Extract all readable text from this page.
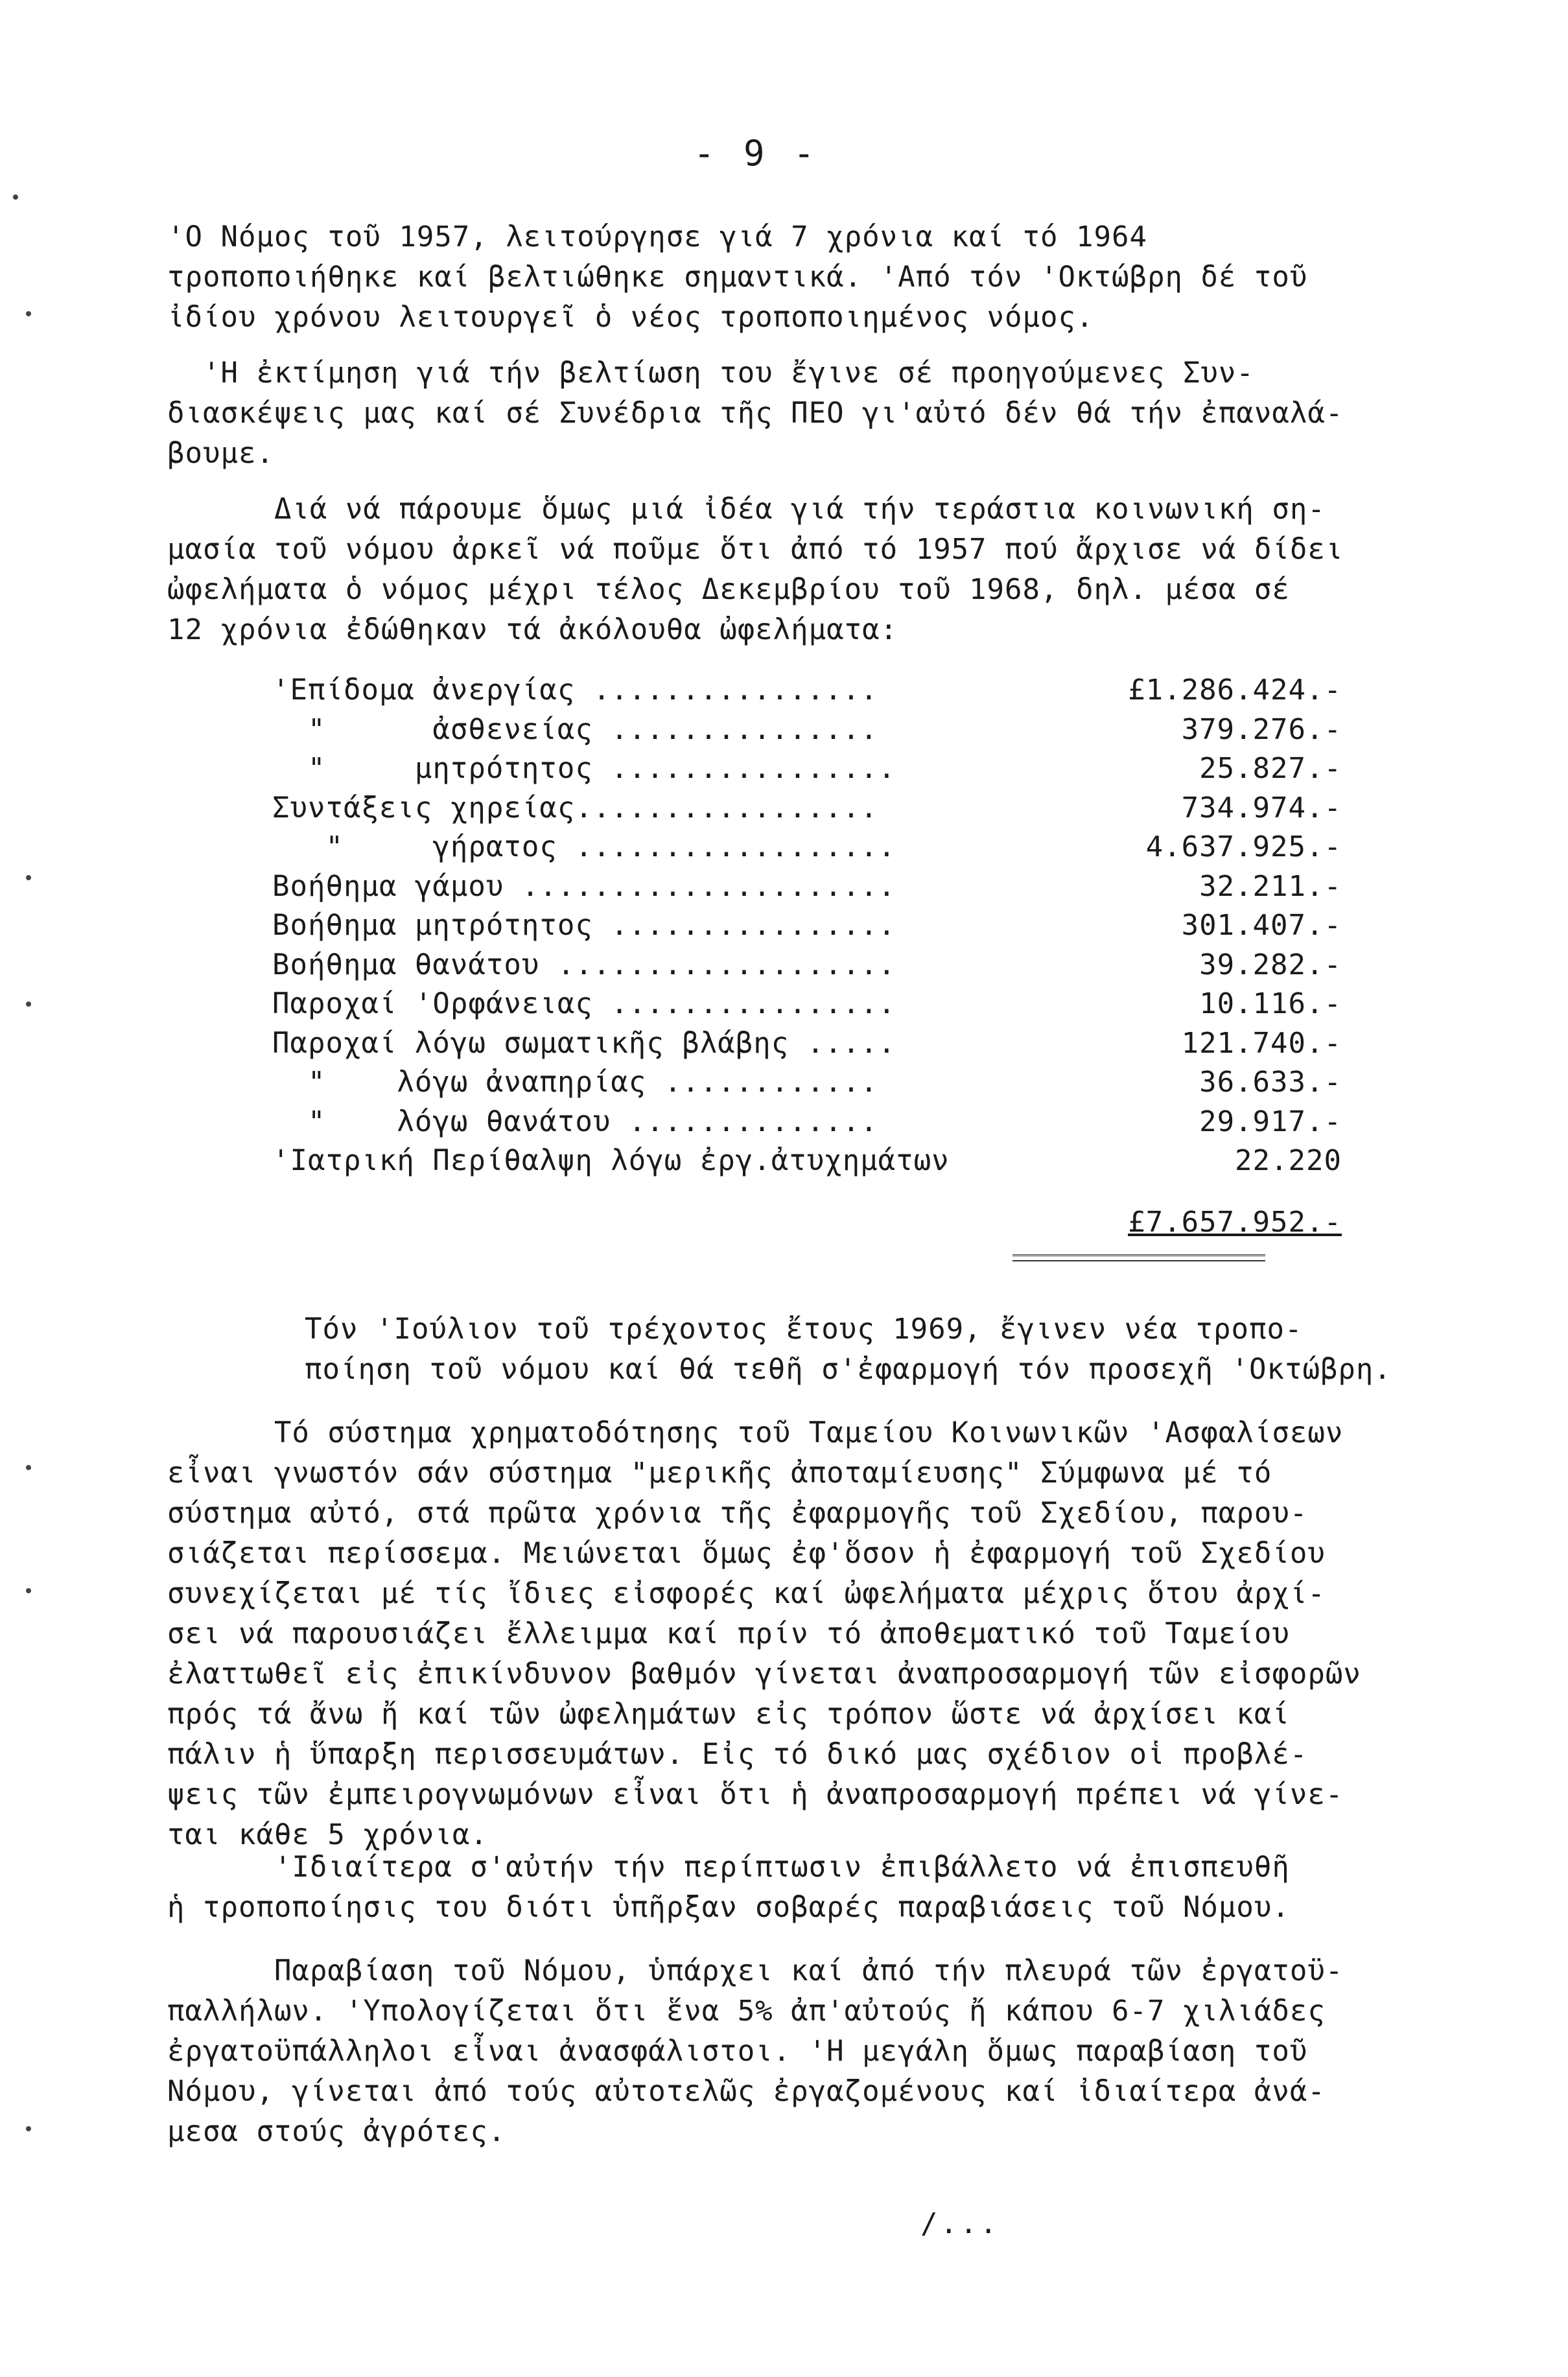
- 9 -
'Ο Νόμος τοῦ 1957, λειτούργησε γιά 7 χρόνια καί τό 1964
τροποποιήθηκε καί βελτιώθηκε σημαντικά. 'Από τόν 'Οκτώβρη δέ τοῦ
ἰδίου χρόνου λειτουργεῖ ὁ νέος τροποποιημένος νόμος.
'Η ἐκτίμηση γιά τήν βελτίωση του ἔγινε σέ προηγούμενες Συν-
διασκέψεις μας καί σέ Συνέδρια τῆς ΠΕΟ γι'αὐτό δέν θά τήν ἐπαναλά-
βουμε.
Διά νά πάρουμε ὅμως μιά ἰδέα γιά τήν τεράστια κοινωνική ση-
μασία τοῦ νόμου ἀρκεῖ νά ποῦμε ὅτι ἀπό τό 1957 πού ἄρχισε νά δίδει
ὠφελήματα ὁ νόμος μέχρι τέλος Δεκεμβρίου τοῦ 1968, δηλ. μέσα σέ
12 χρόνια ἐδώθηκαν τά ἀκόλουθα ὠφελήματα:
'Επίδομα ἀνεργίας ................	£1.286.424.-
"      ἀσθενείας ...............	379.276.-
"     μητρότητος ................	25.827.-
Συντάξεις χηρείας.................	734.974.-
"     γήρατος ..................	4.637.925.-
Βοήθημα γάμου .....................	32.211.-
Βοήθημα μητρότητος ................	301.407.-
Βοήθημα θανάτου ...................	39.282.-
Παροχαί 'Ορφάνειας ................	10.116.-
Παροχαί λόγω σωματικῆς βλάβης .....	121.740.-
"    λόγω ἀναπηρίας ............	36.633.-
"    λόγω θανάτου ..............	29.917.-
'Ιατρική Περίθαλψη λόγω ἐργ.ἀτυχημάτων	22.220
£7.657.952.-
Τόν 'Ιούλιον τοῦ τρέχοντος ἔτους 1969, ἔγινεν νέα τροπο-
ποίηση τοῦ νόμου καί θά τεθῆ σ'ἐφαρμογή τόν προσεχῆ 'Οκτώβρη.
Τό σύστημα χρηματοδότησης τοῦ Ταμείου Κοινωνικῶν 'Ασφαλίσεων
εἶναι γνωστόν σάν σύστημα "μερικῆς ἀποταμίευσης" Σύμφωνα μέ τό
σύστημα αὐτό, στά πρῶτα χρόνια τῆς ἐφαρμογῆς τοῦ Σχεδίου, παρου-
σιάζεται περίσσεμα. Μειώνεται ὅμως ἐφ'ὅσον ἡ ἐφαρμογή τοῦ Σχεδίου
συνεχίζεται μέ τίς ἴδιες εἰσφορές καί ὠφελήματα μέχρις ὅτου ἀρχί-
σει νά παρουσιάζει ἔλλειμμα καί πρίν τό ἀποθεματικό τοῦ Ταμείου
ἐλαττωθεῖ εἰς ἐπικίνδυνον βαθμόν γίνεται ἀναπροσαρμογή τῶν εἰσφορῶν
πρός τά ἄνω ἤ καί τῶν ὠφελημάτων εἰς τρόπον ὥστε νά ἀρχίσει καί
πάλιν ἡ ὕπαρξη περισσευμάτων. Εἰς τό δικό μας σχέδιον οἱ προβλέ-
ψεις τῶν ἐμπειρογνωμόνων εἶναι ὅτι ἡ ἀναπροσαρμογή πρέπει νά γίνε-
ται κάθε 5 χρόνια.
'Ιδιαίτερα σ'αὐτήν τήν περίπτωσιν ἐπιβάλλετο νά ἐπισπευθῆ
ἡ τροποποίησις του διότι ὑπῆρξαν σοβαρές παραβιάσεις τοῦ Νόμου.
Παραβίαση τοῦ Νόμου, ὑπάρχει καί ἀπό τήν πλευρά τῶν ἐργατοϋ-
παλλήλων. 'Υπολογίζεται ὅτι ἕνα 5% ἀπ'αὐτούς ἤ κάπου 6-7 χιλιάδες
ἐργατοϋπάλληλοι εἶναι ἀνασφάλιστοι. 'Η μεγάλη ὅμως παραβίαση τοῦ
Νόμου, γίνεται ἀπό τούς αὐτοτελῶς ἐργαζομένους καί ἰδιαίτερα ἀνά-
μεσα στούς ἀγρότες.
/...
